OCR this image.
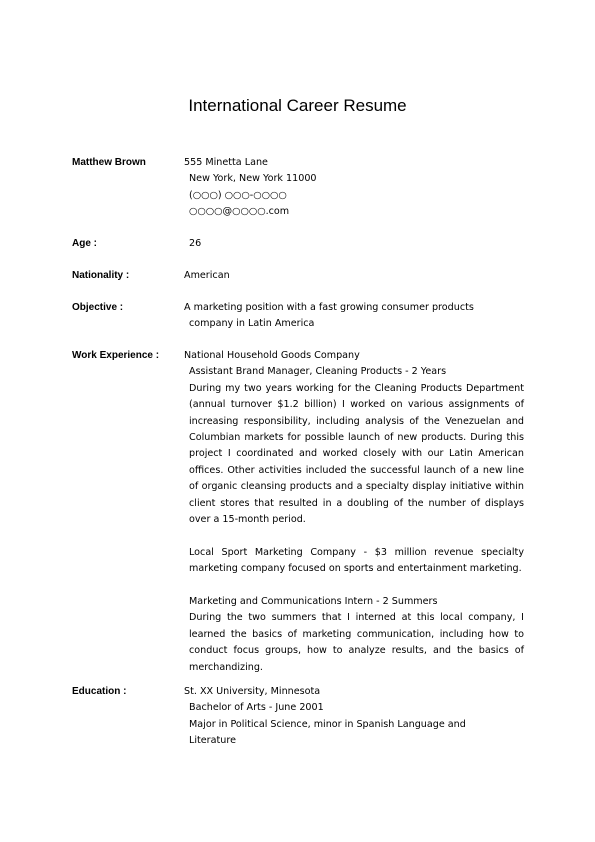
International Career Resume
Matthew Brown	555 Minetta Lane
New York, New York 11000
(○○○) ○○○-○○○○
○○○○@○○○○.com
Age :	26
Nationality :	American
Objective :	A marketing position with a fast growing consumer products
company in Latin America
Work Experience :	National Household Goods Company
Assistant Brand Manager, Cleaning Products - 2 Years
During my two years working for the Cleaning Products Department (annual turnover $1.2 billion) I worked on various assignments of increasing responsibility, including analysis of the Venezuelan and Columbian markets for possible launch of new products. During this project I coordinated and worked closely with our Latin American offices. Other activities included the successful launch of a new line of organic cleansing products and a specialty display initiative within client stores that resulted in a doubling of the number of displays over a 15-month period.
Local Sport Marketing Company - $3 million revenue specialty marketing company focused on sports and entertainment marketing.
Marketing and Communications Intern - 2 Summers
During the two summers that I interned at this local company, I learned the basics of marketing communication, including how to conduct focus groups, how to analyze results, and the basics of merchandizing.
Education :	St. XX University, Minnesota
Bachelor of Arts - June 2001
Major in Political Science, minor in Spanish Language and
Literature
